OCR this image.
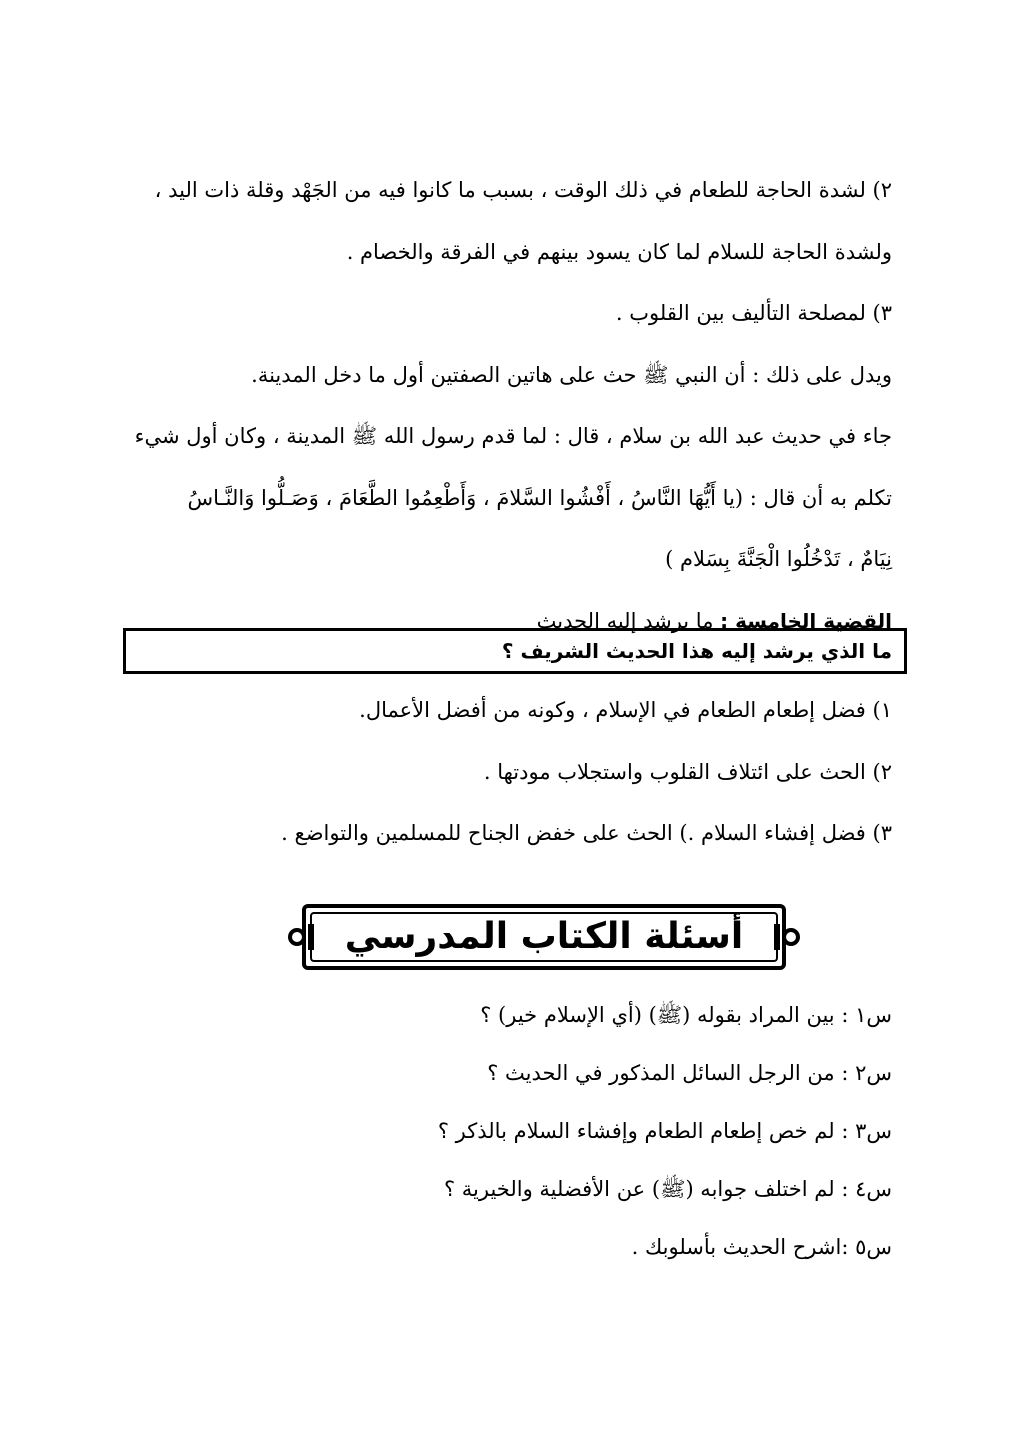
٢) لشدة الحاجة للطعام في ذلك الوقت ، بسبب ما كانوا فيه من الجَهْد وقلة ذات اليد ،
ولشدة الحاجة للسلام لما كان يسود بينهم في الفرقة والخصام .
٣) لمصلحة التأليف بين القلوب .
ويدل على ذلك : أن النبي ﷺ حث على هاتين الصفتين أول ما دخل المدينة.
جاء في حديث عبد الله بن سلام ، قال : لما قدم رسول الله ﷺ المدينة ، وكان أول شيء
تكلم به أن قال : (يا أَيُّهَا النَّاسُ ، أَفْشُوا السَّلامَ ، وَأَطْعِمُوا الطَّعَامَ ، وَصَـلُّوا وَالنَّـاسُ
نِيَامٌ ، تَدْخُلُوا الْجَنَّةَ بِسَلام )
القضية الخامسة : ما يرشد إليه الحديث
ما الذي يرشد إليه هذا الحديث الشريف ؟
١) فضل إطعام الطعام في الإسلام ، وكونه من أفضل الأعمال.
٢) الحث على ائتلاف القلوب واستجلاب مودتها .
٣) فضل إفشاء السلام .) الحث على خفض الجناح للمسلمين والتواضع .
أسئلة الكتاب المدرسي
س١ : بين المراد بقوله (ﷺ) (أي الإسلام خير) ؟
س٢ : من الرجل السائل المذكور في الحديث ؟
س٣ : لم خص إطعام الطعام وإفشاء السلام بالذكر ؟
س٤ : لم اختلف جوابه (ﷺ) عن الأفضلية والخيرية ؟
س٥ :اشرح الحديث بأسلوبك .
